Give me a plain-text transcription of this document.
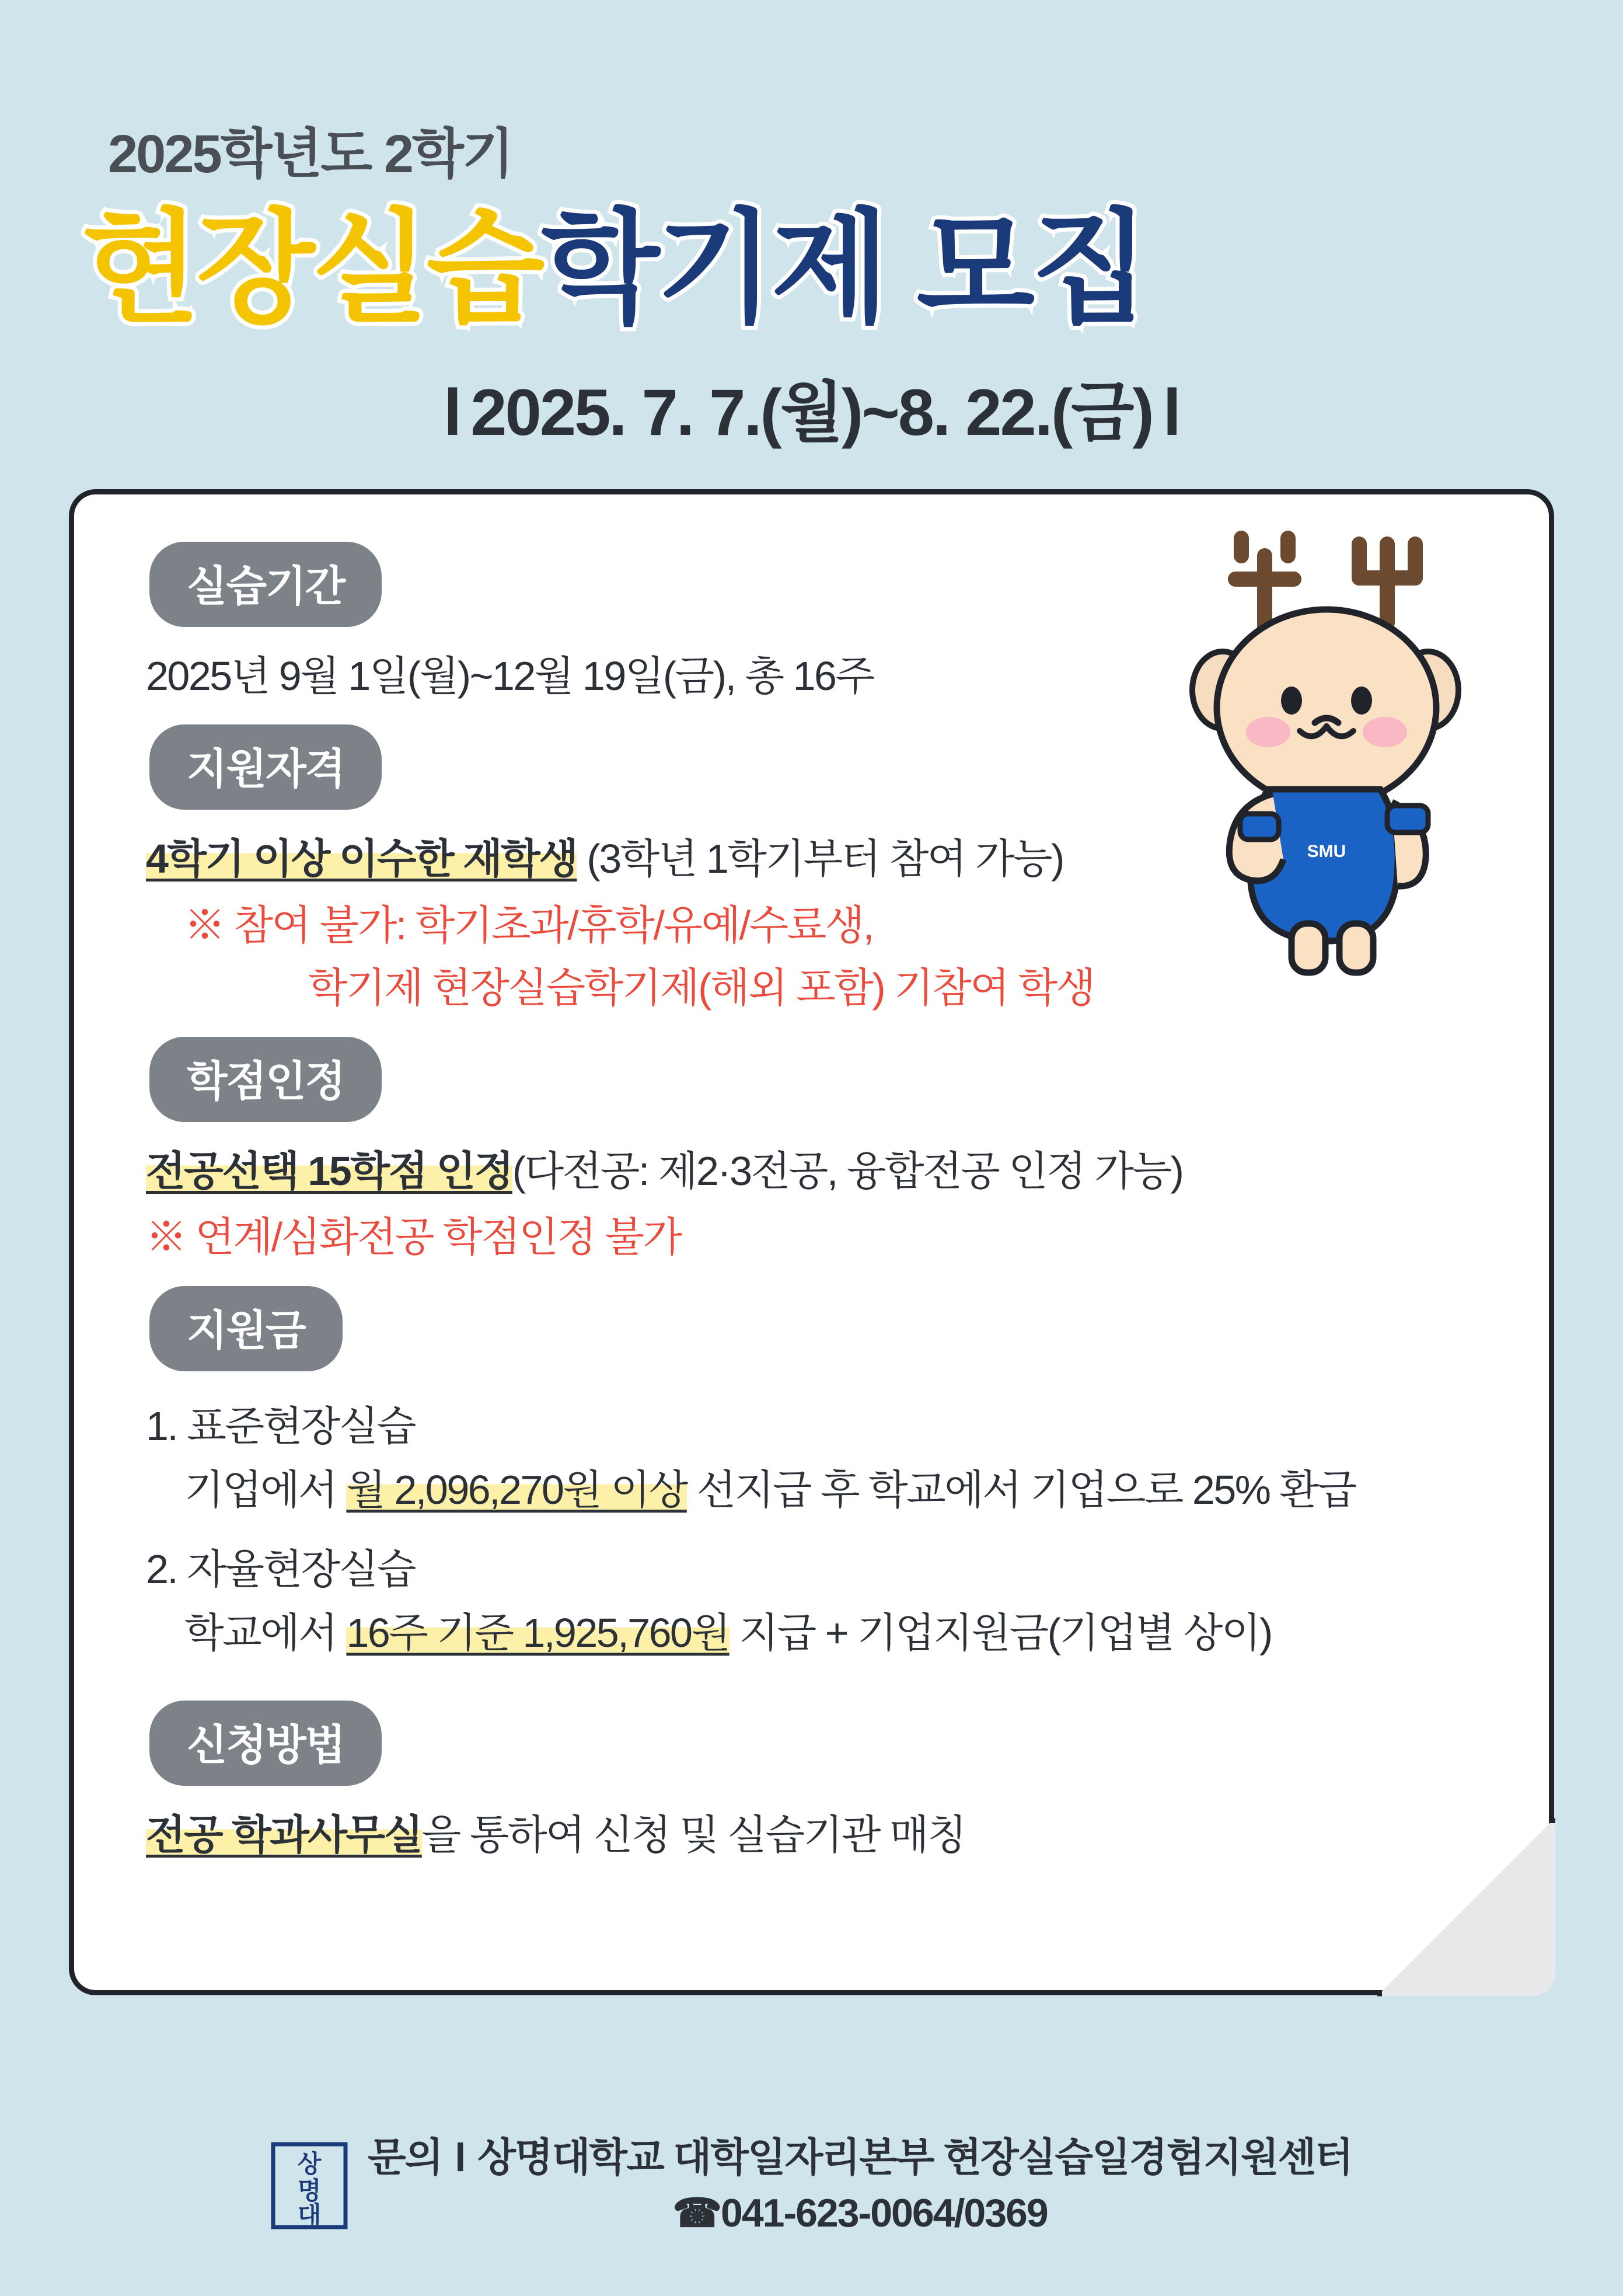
2025학년도 2학기
현장실습학기제 모집
l 2025. 7. 7.(월)~8. 22.(금) l
SMU
실습기간
2025년 9월 1일(월)~12월 19일(금), 총 16주
지원자격
4학기 이상 이수한 재학생 (3학년 1학기부터 참여 가능)
※ 참여 불가: 학기초과/휴학/유예/수료생,
학기제 현장실습학기제(해외 포함) 기참여 학생
학점인정
전공선택 15학점 인정(다전공: 제2·3전공, 융합전공 인정 가능)
※ 연계/심화전공 학점인정 불가
지원금
1. 표준현장실습
기업에서 월 2,096,270원 이상 선지급 후 학교에서 기업으로 25% 환급
2. 자율현장실습
학교에서 16주 기준 1,925,760원 지급 + 기업지원금(기업별 상이)
신청방법
전공 학과사무실을 통하여 신청 및 실습기관 매칭
상
명
대
문의 l 상명대학교 대학일자리본부 현장실습일경험지원센터
☎041-623-0064/0369
